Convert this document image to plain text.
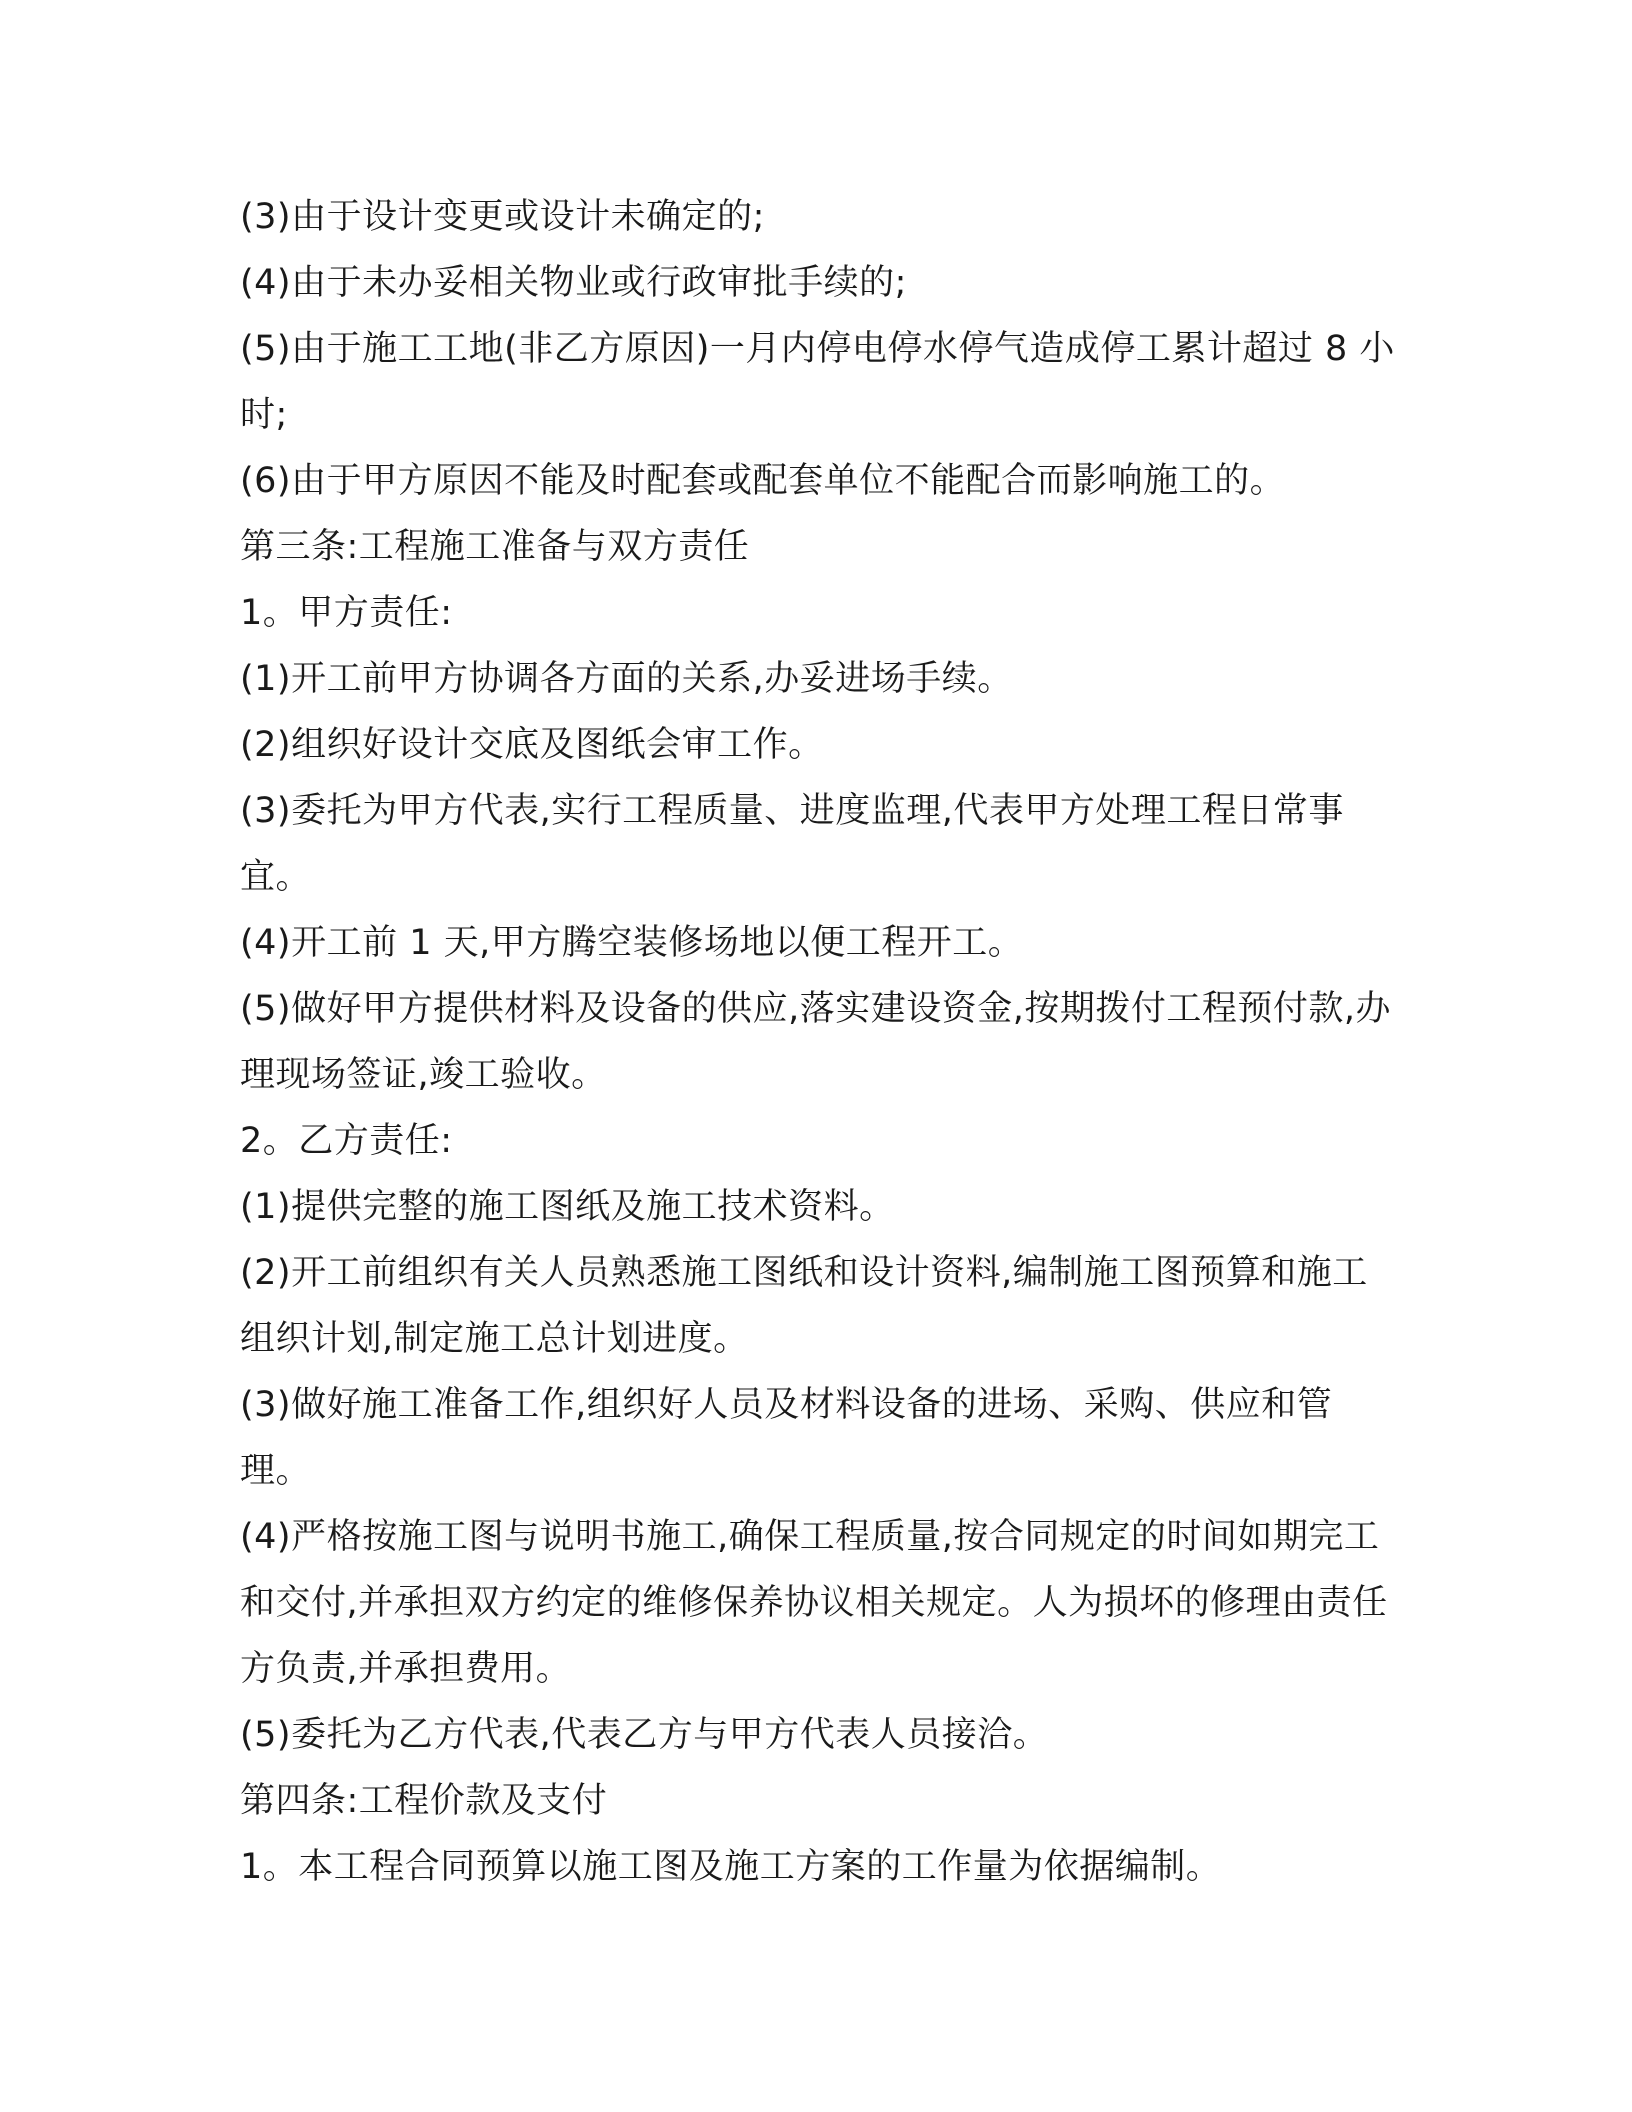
(3)由于设计变更或设计未确定的;

(4)由于未办妥相关物业或行政审批手续的;

(5)由于施工工地(非乙方原因)一月内停电停水停气造成停工累计超过 8 小时;

(6)由于甲方原因不能及时配套或配套单位不能配合而影响施工的。

第三条:工程施工准备与双方责任

1。甲方责任:

(1)开工前甲方协调各方面的关系,办妥进场手续。

(2)组织好设计交底及图纸会审工作。

(3)委托为甲方代表,实行工程质量、进度监理,代表甲方处理工程日常事宜。

(4)开工前 1 天,甲方腾空装修场地以便工程开工。

(5)做好甲方提供材料及设备的供应,落实建设资金,按期拨付工程预付款,办理现场签证,竣工验收。

2。乙方责任:

(1)提供完整的施工图纸及施工技术资料。

(2)开工前组织有关人员熟悉施工图纸和设计资料,编制施工图预算和施工组织计划,制定施工总计划进度。

(3)做好施工准备工作,组织好人员及材料设备的进场、采购、供应和管理。

(4)严格按施工图与说明书施工,确保工程质量,按合同规定的时间如期完工和交付,并承担双方约定的维修保养协议相关规定。人为损坏的修理由责任方负责,并承担费用。

(5)委托为乙方代表,代表乙方与甲方代表人员接洽。

第四条:工程价款及支付

1。本工程合同预算以施工图及施工方案的工作量为依据编制。
